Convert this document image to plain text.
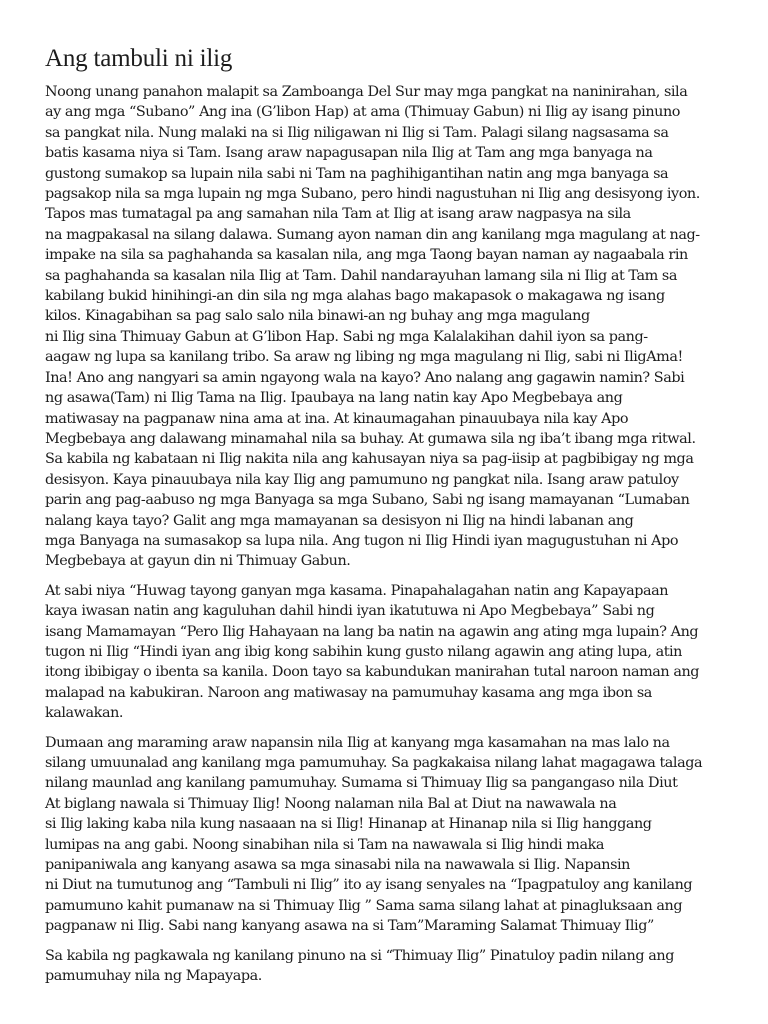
Ang tambuli ni ilig
Noong unang panahon malapit sa Zamboanga Del Sur may mga pangkat na naninirahan, sila
ay ang mga “Subano” Ang ina (G’libon Hap) at ama (Thimuay Gabun) ni Ilig ay isang pinuno
sa pangkat nila. Nung malaki na si Ilig niligawan ni Ilig si Tam. Palagi silang nagsasama sa
batis kasama niya si Tam. Isang araw napagusapan nila Ilig at Tam ang mga banyaga na
gustong sumakop sa lupain nila sabi ni Tam na paghihigantihan natin ang mga banyaga sa
pagsakop nila sa mga lupain ng mga Subano, pero hindi nagustuhan ni Ilig ang desisyong iyon.
Tapos mas tumatagal pa ang samahan nila Tam at Ilig at isang araw nagpasya na sila
na magpakasal na silang dalawa. Sumang ayon naman din ang kanilang mga magulang at nag-
impake na sila sa paghahanda sa kasalan nila, ang mga Taong bayan naman ay nagaabala rin
sa paghahanda sa kasalan nila Ilig at Tam. Dahil nandarayuhan lamang sila ni Ilig at Tam sa
kabilang bukid hinihingi-an din sila ng mga alahas bago makapasok o makagawa ng isang
kilos. Kinagabihan sa pag salo salo nila binawi-an ng buhay ang mga magulang
ni Ilig sina Thimuay Gabun at G’libon Hap. Sabi ng mga Kalalakihan dahil iyon sa pang-
aagaw ng lupa sa kanilang tribo. Sa araw ng libing ng mga magulang ni Ilig, sabi ni IligAma!
Ina! Ano ang nangyari sa amin ngayong wala na kayo? Ano nalang ang gagawin namin? Sabi
ng asawa(Tam) ni Ilig Tama na Ilig. Ipaubaya na lang natin kay Apo Megbebaya ang
matiwasay na pagpanaw nina ama at ina. At kinaumagahan pinauubaya nila kay Apo
Megbebaya ang dalawang minamahal nila sa buhay. At gumawa sila ng iba’t ibang mga ritwal.
Sa kabila ng kabataan ni Ilig nakita nila ang kahusayan niya sa pag-iisip at pagbibigay ng mga
desisyon. Kaya pinauubaya nila kay Ilig ang pamumuno ng pangkat nila. Isang araw patuloy
parin ang pag-aabuso ng mga Banyaga sa mga Subano, Sabi ng isang mamayanan “Lumaban
nalang kaya tayo? Galit ang mga mamayanan sa desisyon ni Ilig na hindi labanan ang
mga Banyaga na sumasakop sa lupa nila. Ang tugon ni Ilig Hindi iyan magugustuhan ni Apo
Megbebaya at gayun din ni Thimuay Gabun.
At sabi niya “Huwag tayong ganyan mga kasama. Pinapahalagahan natin ang Kapayapaan
kaya iwasan natin ang kaguluhan dahil hindi iyan ikatutuwa ni Apo Megbebaya” Sabi ng
isang Mamamayan “Pero Ilig Hahayaan na lang ba natin na agawin ang ating mga lupain? Ang
tugon ni Ilig “Hindi iyan ang ibig kong sabihin kung gusto nilang agawin ang ating lupa, atin
itong ibibigay o ibenta sa kanila. Doon tayo sa kabundukan manirahan tutal naroon naman ang
malapad na kabukiran. Naroon ang matiwasay na pamumuhay kasama ang mga ibon sa
kalawakan.
Dumaan ang maraming araw napansin nila Ilig at kanyang mga kasamahan na mas lalo na
silang umuunalad ang kanilang mga pamumuhay. Sa pagkakaisa nilang lahat magagawa talaga
nilang maunlad ang kanilang pamumuhay. Sumama si Thimuay Ilig sa pangangaso nila Diut
At biglang nawala si Thimuay Ilig! Noong nalaman nila Bal at Diut na nawawala na
si Ilig laking kaba nila kung nasaaan na si Ilig! Hinanap at Hinanap nila si Ilig hanggang
lumipas na ang gabi. Noong sinabihan nila si Tam na nawawala si Ilig hindi maka
panipaniwala ang kanyang asawa sa mga sinasabi nila na nawawala si Ilig. Napansin
ni Diut na tumutunog ang “Tambuli ni Ilig” ito ay isang senyales na “Ipagpatuloy ang kanilang
pamumuno kahit pumanaw na si Thimuay Ilig ” Sama sama silang lahat at pinagluksaan ang
pagpanaw ni Ilig. Sabi nang kanyang asawa na si Tam”Maraming Salamat Thimuay Ilig”
Sa kabila ng pagkawala ng kanilang pinuno na si “Thimuay Ilig” Pinatuloy padin nilang ang
pamumuhay nila ng Mapayapa.
